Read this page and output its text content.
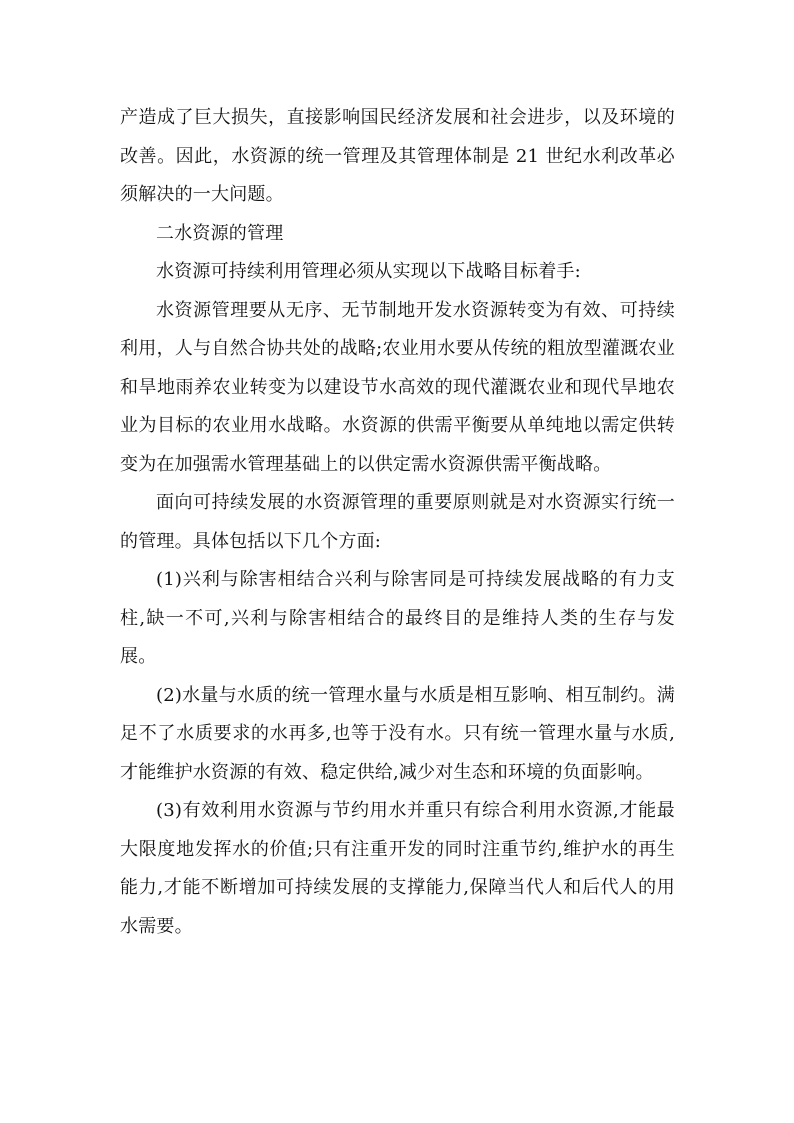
产造成了巨大损失，直接影响国民经济发展和社会进步，以及环境的改善。因此，水资源的统一管理及其管理体制是 21 世纪水利改革必须解决的一大问题。

二水资源的管理

水资源可持续利用管理必须从实现以下战略目标着手:

水资源管理要从无序、无节制地开发水资源转变为有效、可持续利用，人与自然合协共处的战略;农业用水要从传统的粗放型灌溉农业和旱地雨养农业转变为以建设节水高效的现代灌溉农业和现代旱地农业为目标的农业用水战略。水资源的供需平衡要从单纯地以需定供转变为在加强需水管理基础上的以供定需水资源供需平衡战略。

面向可持续发展的水资源管理的重要原则就是对水资源实行统一的管理。具体包括以下几个方面:

(1)兴利与除害相结合兴利与除害同是可持续发展战略的有力支柱,缺一不可,兴利与除害相结合的最终目的是维持人类的生存与发展。

(2)水量与水质的统一管理水量与水质是相互影响、相互制约。满足不了水质要求的水再多,也等于没有水。只有统一管理水量与水质,才能维护水资源的有效、稳定供给,减少对生态和环境的负面影响。

(3)有效利用水资源与节约用水并重只有综合利用水资源,才能最大限度地发挥水的价值;只有注重开发的同时注重节约,维护水的再生能力,才能不断增加可持续发展的支撑能力,保障当代人和后代人的用水需要。
